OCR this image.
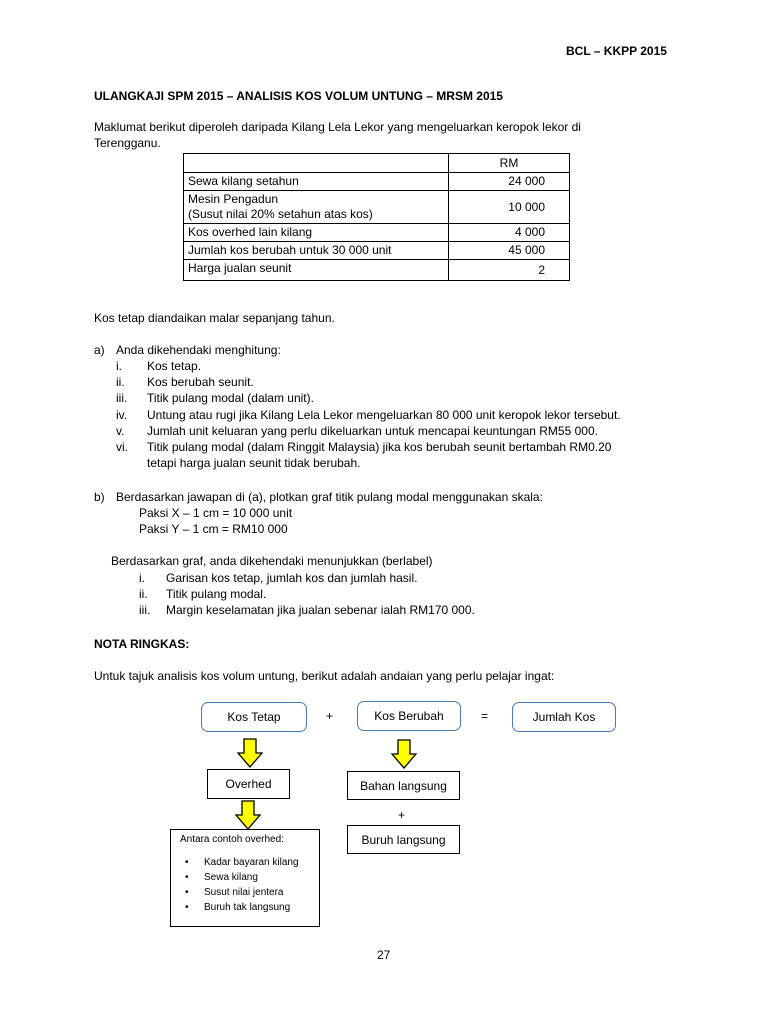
BCL – KKPP 2015
ULANGKAJI SPM 2015 – ANALISIS KOS VOLUM UNTUNG – MRSM 2015
Maklumat berikut diperoleh daripada Kilang Lela Lekor yang mengeluarkan keropok lekor di
Terengganu.
	RM
Sewa kilang setahun	24 000

Mesin Pengadun
(Susut nilai 20% setahun atas kos)	10 000
Kos overhed lain kilang	4 000
Jumlah kos berubah untuk 30 000 unit	45 000
Harga jualan seunit	2
Kos tetap diandaikan malar sepanjang tahun.
a) Anda dikehendaki menghitung:
i. Kos tetap.
ii. Kos berubah seunit.
iii. Titik pulang modal (dalam unit).
iv. Untung atau rugi jika Kilang Lela Lekor mengeluarkan 80 000 unit keropok lekor tersebut.
v. Jumlah unit keluaran yang perlu dikeluarkan untuk mencapai keuntungan RM55 000.
vi. Titik pulang modal (dalam Ringgit Malaysia) jika kos berubah seunit bertambah RM0.20
tetapi harga jualan seunit tidak berubah.
b) Berdasarkan jawapan di (a), plotkan graf titik pulang modal menggunakan skala:
Paksi X – 1 cm = 10 000 unit
Paksi Y – 1 cm = RM10 000
Berdasarkan graf, anda dikehendaki menunjukkan (berlabel)
i. Garisan kos tetap, jumlah kos dan jumlah hasil.
ii. Titik pulang modal.
iii. Margin keselamatan jika jualan sebenar ialah RM170 000.
NOTA RINGKAS:
Untuk tajuk analisis kos volum untung, berikut adalah andaian yang perlu pelajar ingat:
Kos Tetap	+	Kos Berubah	=	Jumlah Kos
Overhed	Bahan langsung
+
Buruh langsung
Antara contoh overhed:
• Kadar bayaran kilang
• Sewa kilang
• Susut nilai jentera
• Buruh tak langsung
27
